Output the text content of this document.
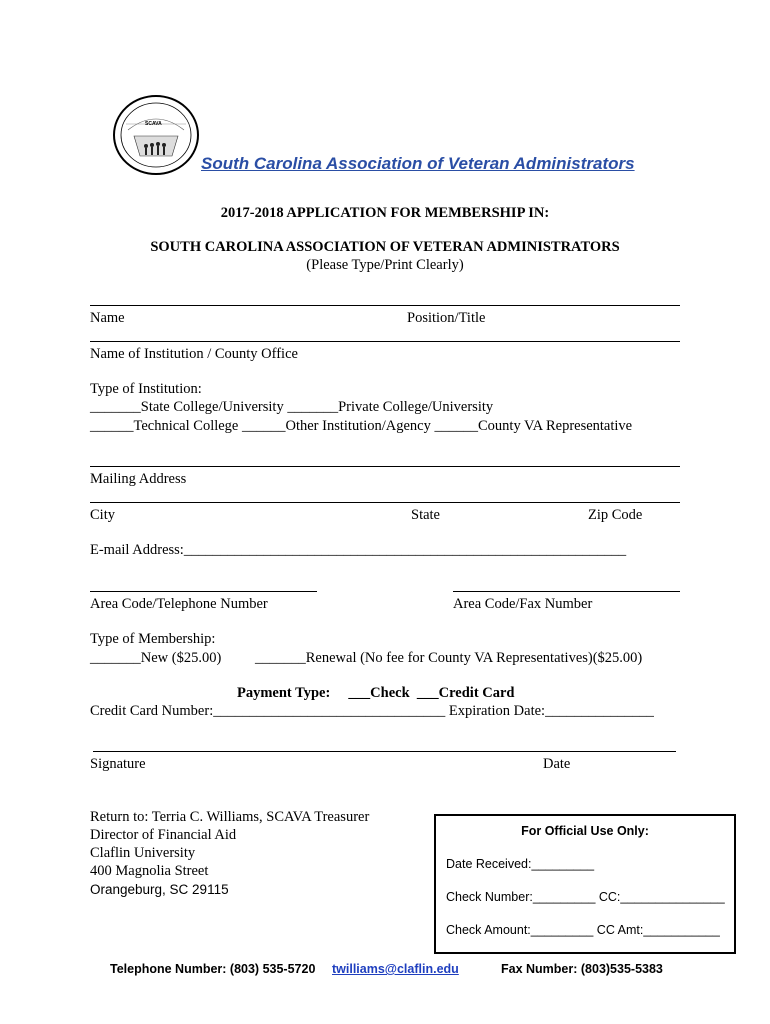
SCAVA
South Carolina Association of Veteran Administrators
2017-2018 APPLICATION FOR MEMBERSHIP IN:
SOUTH CAROLINA ASSOCIATION OF VETERAN ADMINISTRATORS
(Please Type/Print Clearly)
Name	Position/Title
Name of Institution / County Office
Type of Institution:
_______State College/University _______Private College/University
______Technical College ______Other Institution/Agency ______County VA Representative
Mailing Address
City	State	Zip Code
E-mail Address:_____________________________________________________________
Area Code/Telephone Number	Area Code/Fax Number
Type of Membership:
_______New ($25.00) _______Renewal (No fee for County VA Representatives)($25.00)
Payment Type:     ___Check  ___Credit Card
Credit Card Number:________________________________ Expiration Date:_______________
Signature	Date
Return to: Terria C. Williams, SCAVA Treasurer
Director of Financial Aid
Claflin University
400 Magnolia Street
Orangeburg, SC 29115
For Official Use Only:
Date Received:_________
Check Number:_________ CC:_______________
Check Amount:_________ CC Amt:___________
Telephone Number: (803) 535-5720 twilliams@claflin.edu	Fax Number: (803)535-5383
